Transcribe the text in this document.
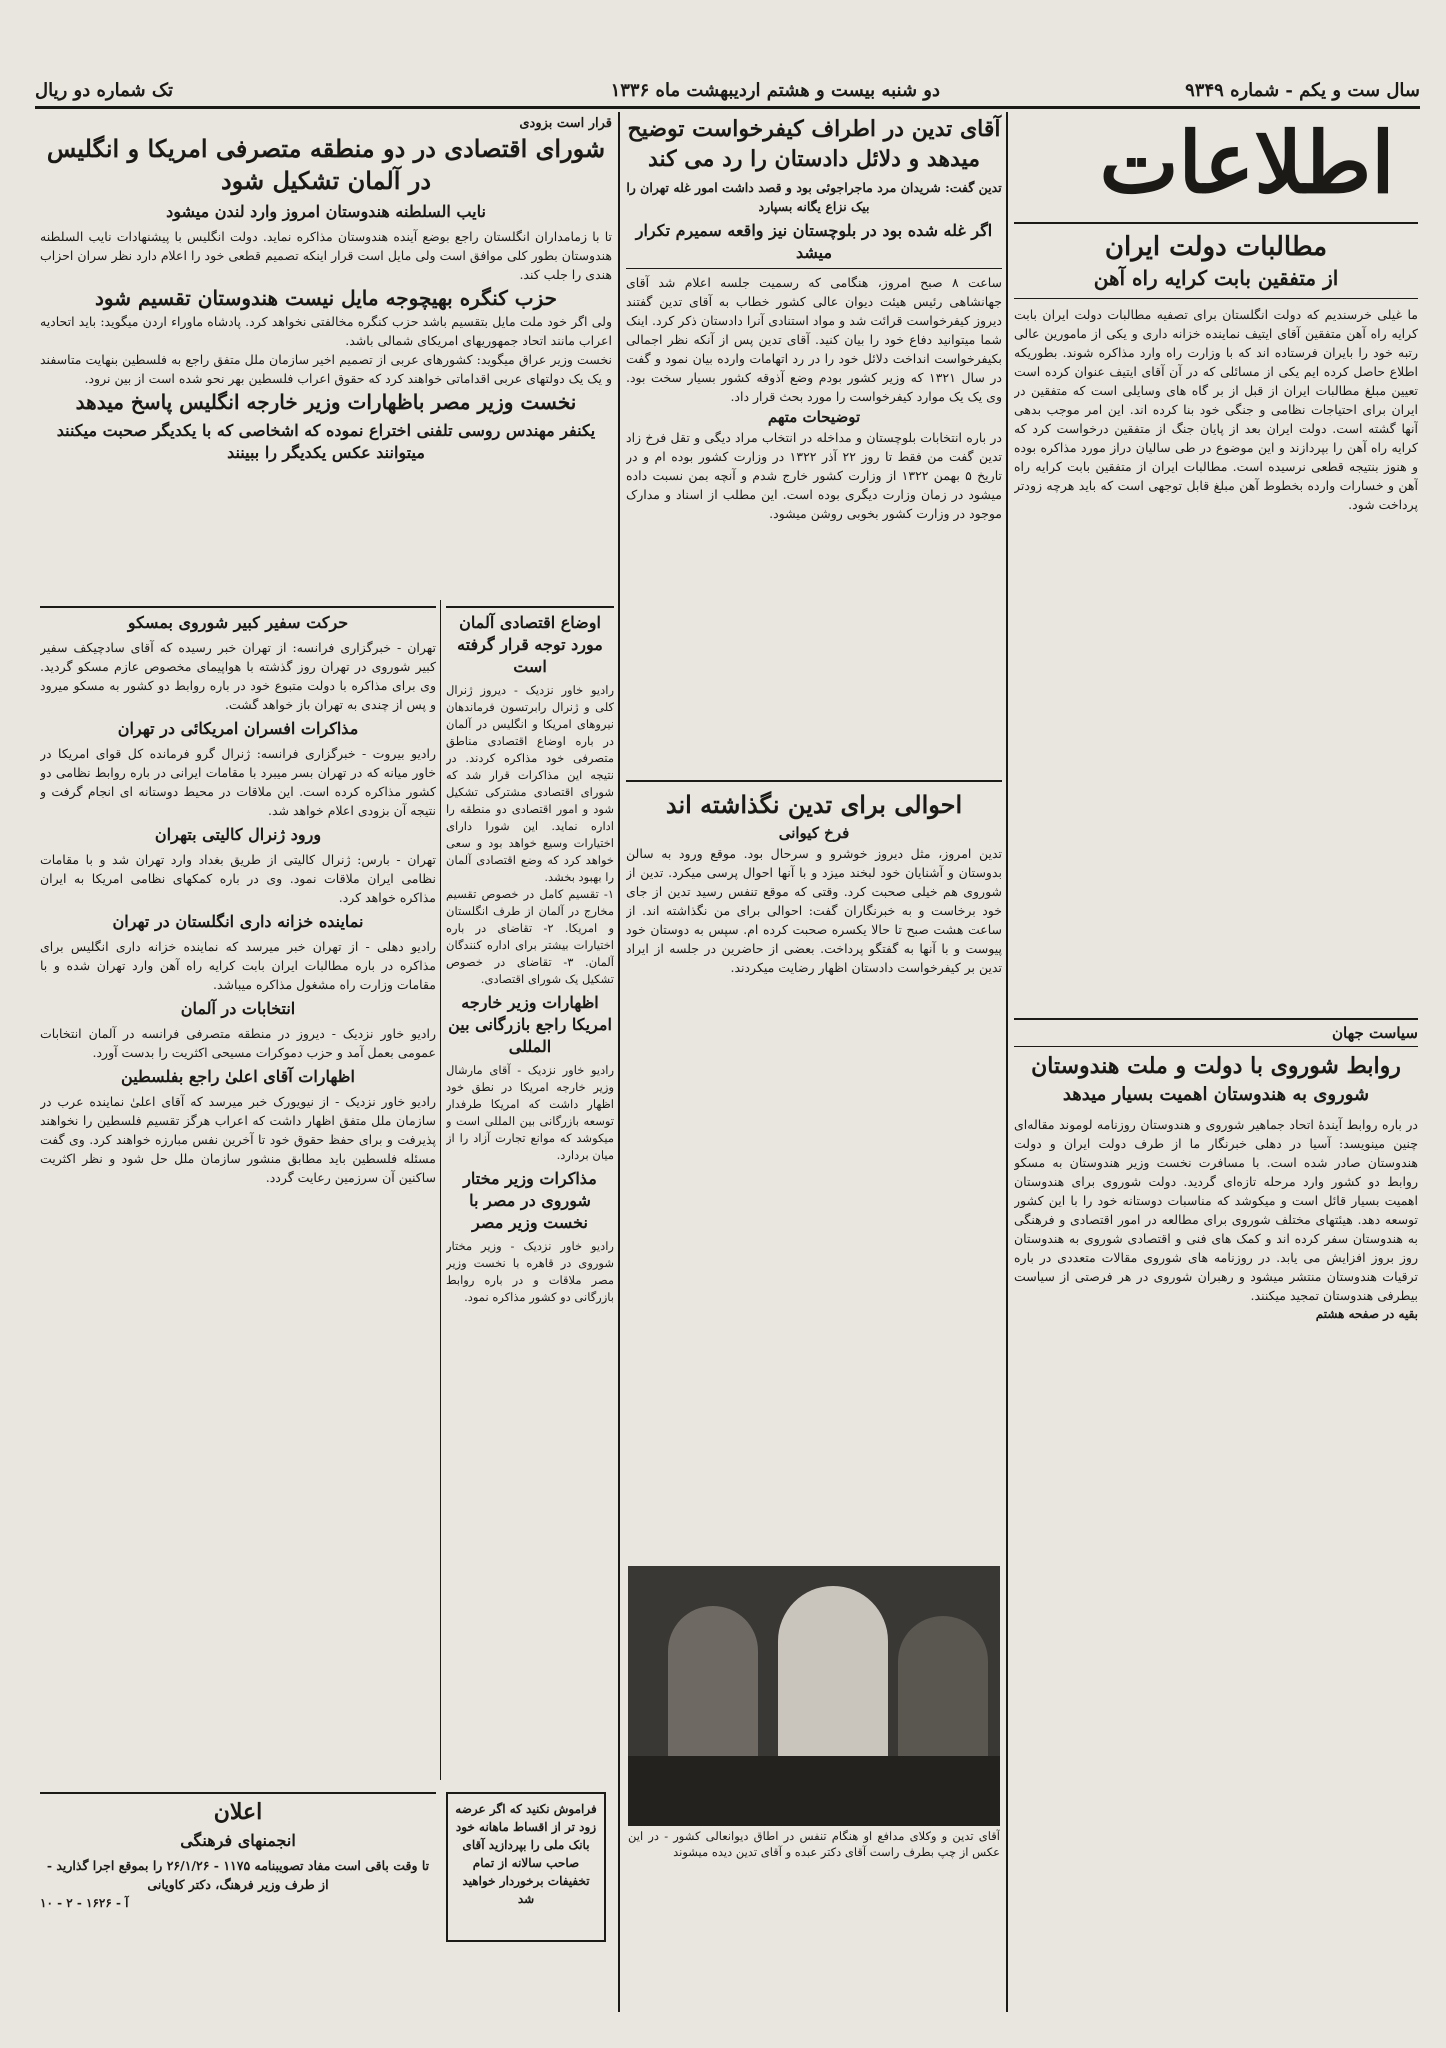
سال ست و یکم - شماره ۹۳۴۹
دو شنبه بیست و هشتم اردیبهشت ماه ۱۳۳۶
تک شماره دو ریال
اطلاعات

مطالبات دولت ایران

از متفقین بابت کرایه راه آهن

ما غیلی خرسندیم که دولت انگلستان برای تصفیه مطالبات دولت ایران بابت کرایه راه آهن متفقین آقای ایتیف نماینده خزانه داری و یکی از مامورین عالی رتبه خود را بایران فرستاده اند که با وزارت راه وارد مذاکره شوند. بطوریکه اطلاع حاصل کرده ایم یکی از مسائلی که در آن آقای ایتیف عنوان کرده است تعیین مبلغ مطالبات ایران از قبل از بر گاه های وسایلی است که متفقین در ایران برای احتیاجات نظامی و جنگی خود بنا کرده اند. این امر موجب بدهی آنها گشته است. دولت ایران بعد از پایان جنگ از متفقین درخواست کرد که کرایه راه آهن را بپردازند و این موضوع در طی سالیان دراز مورد مذاکره بوده و هنوز بنتیجه قطعی نرسیده است. مطالبات ایران از متفقین بابت کرایه راه آهن و خسارات وارده بخطوط آهن مبلغ قابل توجهی است که باید هرچه زودتر پرداخت شود.

سیاست جهان

روابط شوروی با دولت و ملت هندوستان

شوروی به هندوستان اهمیت بسیار میدهد

در باره روابط آیندۀ اتحاد جماهیر شوروی و هندوستان روزنامه لوموند مقاله‌ای چنین مینویسد: آسیا در دهلی خبرنگار ما از طرف دولت ایران و دولت هندوستان صادر شده است. با مسافرت نخست وزیر هندوستان به مسکو روابط دو کشور وارد مرحله تازه‌ای گردید. دولت شوروی برای هندوستان اهمیت بسیار قائل است و میکوشد که مناسبات دوستانه خود را با این کشور توسعه دهد. هیئتهای مختلف شوروی برای مطالعه در امور اقتصادی و فرهنگی به هندوستان سفر کرده اند و کمک های فنی و اقتصادی شوروی به هندوستان روز بروز افزایش می یابد. در روزنامه های شوروی مقالات متعددی در باره ترقیات هندوستان منتشر میشود و رهبران شوروی در هر فرصتی از سیاست بیطرفی هندوستان تمجید میکنند.

بقیه در صفحه هشتم

آقای تدین در اطراف کیفرخواست توضیح میدهد و دلائل دادستان را رد می کند

تدین گفت: شریدان مرد ماجراجوئی بود و قصد داشت امور غله تهران را بیک نزاع یگانه بسپارد

اگر غله شده بود در بلوچستان نیز واقعه سمیرم تکرار میشد

ساعت ۸ صبح امروز، هنگامی که رسمیت جلسه اعلام شد آقای جهانشاهی رئیس هیئت دیوان عالی کشور خطاب به آقای تدین گفتند دیروز کیفرخواست قرائت شد و مواد استنادی آنرا دادستان ذکر کرد. اینک شما میتوانید دفاع خود را بیان کنید. آقای تدین پس از آنکه نظر اجمالی بکیفرخواست انداخت دلائل خود را در رد اتهامات وارده بیان نمود و گفت در سال ۱۳۲۱ که وزیر کشور بودم وضع آذوقه کشور بسیار سخت بود. وی یک یک موارد کیفرخواست را مورد بحث قرار داد.

توضیحات متهم

در باره انتخابات بلوچستان و مداخله در انتخاب مراد دیگی و تقل فرخ زاد تدین گفت من فقط تا روز ۲۲ آذر ۱۳۲۲ در وزارت کشور بوده ام و در تاریخ ۵ بهمن ۱۳۲۲ از وزارت کشور خارج شدم و آنچه بمن نسبت داده میشود در زمان وزارت دیگری بوده است. این مطلب از اسناد و مدارک موجود در وزارت کشور بخوبی روشن میشود.

احوالی برای تدین نگذاشته اند

فرخ کیوانی

تدین امروز، مثل دیروز خوشرو و سرحال بود. موقع ورود به سالن بدوستان و آشنایان خود لبخند میزد و با آنها احوال پرسی میکرد. تدین از شوروی هم خیلی صحبت کرد. وقتی که موقع تنفس رسید تدین از جای خود برخاست و به خبرنگاران گفت: احوالی برای من نگذاشته اند. از ساعت هشت صبح تا حالا یکسره صحبت کرده ام. سپس به دوستان خود پیوست و با آنها به گفتگو پرداخت. بعضی از حاضرین در جلسه از ایراد تدین بر کیفرخواست دادستان اظهار رضایت میکردند.

آقای تدین و وکلای مدافع او هنگام تنفس در اطاق دیوانعالی کشور - در این عکس از چپ بطرف راست آقای دکتر عبده و آقای تدین دیده میشوند

قرار است بزودی

شورای اقتصادی در دو منطقه متصرفی امریکا و انگلیس در آلمان تشکیل شود

نایب السلطنه هندوستان امروز وارد لندن میشود

تا با زمامداران انگلستان راجع بوضع آینده هندوستان مذاکره نماید. دولت انگلیس با پیشنهادات نایب السلطنه هندوستان بطور کلی موافق است ولی مایل است قرار اینکه تصمیم قطعی خود را اعلام دارد نظر سران احزاب هندی را جلب کند.

حزب کنگره بهیچوجه مایل نیست هندوستان تقسیم شود

ولی اگر خود ملت مایل بتقسیم باشد حزب کنگره مخالفتی نخواهد کرد. پادشاه ماوراء اردن میگوید: باید اتحادیه اعراب مانند اتحاد جمهوریهای امریکای شمالی باشد.

نخست وزیر عراق میگوید: کشورهای عربی از تصمیم اخیر سازمان ملل متفق راجع به فلسطین بنهایت متاسفند و یک یک دولتهای عربی اقداماتی خواهند کرد که حقوق اعراب فلسطین بهر نحو شده است از بین نرود.

نخست وزیر مصر باظهارات وزیر خارجه انگلیس پاسخ میدهد

یکنفر مهندس روسی تلفنی اختراع نموده که اشخاصی که با یکدیگر صحبت میکنند میتوانند عکس یکدیگر را ببینند

حرکت سفیر کبیر شوروی بمسکو

تهران - خبرگزاری فرانسه: از تهران خبر رسیده که آقای سادچیکف سفیر کبیر شوروی در تهران روز گذشته با هواپیمای مخصوص عازم مسکو گردید. وی برای مذاکره با دولت متبوع خود در باره روابط دو کشور به مسکو میرود و پس از چندی به تهران باز خواهد گشت.

مذاکرات افسران امریکائی در تهران

رادیو بیروت - خبرگزاری فرانسه: ژنرال گرو فرمانده کل قوای امریکا در خاور میانه که در تهران بسر میبرد با مقامات ایرانی در باره روابط نظامی دو کشور مذاکره کرده است. این ملاقات در محیط دوستانه ای انجام گرفت و نتیجه آن بزودی اعلام خواهد شد.

ورود ژنرال کالیتی بتهران

تهران - بارس: ژنرال کالیتی از طریق بغداد وارد تهران شد و با مقامات نظامی ایران ملاقات نمود. وی در باره کمکهای نظامی امریکا به ایران مذاکره خواهد کرد.

نماینده خزانه داری انگلستان در تهران

رادیو دهلی - از تهران خبر میرسد که نماینده خزانه داری انگلیس برای مذاکره در باره مطالبات ایران بابت کرایه راه آهن وارد تهران شده و با مقامات وزارت راه مشغول مذاکره میباشد.

انتخابات در آلمان

رادیو خاور نزدیک - دیروز در منطقه متصرفی فرانسه در آلمان انتخابات عمومی بعمل آمد و حزب دموکرات مسیحی اکثریت را بدست آورد.

اظهارات آقای اعلیٰ راجع بفلسطین

رادیو خاور نزدیک - از نیویورک خبر میرسد که آقای اعلیٰ نماینده عرب در سازمان ملل متفق اظهار داشت که اعراب هرگز تقسیم فلسطین را نخواهند پذیرفت و برای حفظ حقوق خود تا آخرین نفس مبارزه خواهند کرد. وی گفت مسئله فلسطین باید مطابق منشور سازمان ملل حل شود و نظر اکثریت ساکنین آن سرزمین رعایت گردد.

اوضاع اقتصادی آلمان مورد توجه قرار گرفته است

رادیو خاور نزدیک - دیروز ژنرال کلی و ژنرال رابرتسون فرماندهان نیروهای امریکا و انگلیس در آلمان در باره اوضاع اقتصادی مناطق متصرفی خود مذاکره کردند. در نتیجه این مذاکرات قرار شد که شورای اقتصادی مشترکی تشکیل شود و امور اقتصادی دو منطقه را اداره نماید. این شورا دارای اختیارات وسیع خواهد بود و سعی خواهد کرد که وضع اقتصادی آلمان را بهبود بخشد.

۱- تقسیم کامل در خصوص تقسیم مخارج در آلمان از طرف انگلستان و امریکا. ۲- تقاضای در باره اختیارات بیشتر برای اداره کنندگان آلمان. ۳- تقاضای در خصوص تشکیل یک شورای اقتصادی.

اظهارات وزیر خارجه امریکا راجع بازرگانی بین المللی

رادیو خاور نزدیک - آقای مارشال وزیر خارجه امریکا در نطق خود اظهار داشت که امریکا طرفدار توسعه بازرگانی بین المللی است و میکوشد که موانع تجارت آزاد را از میان بردارد.

مذاکرات وزیر مختار شوروی در مصر با نخست وزیر مصر

رادیو خاور نزدیک - وزیر مختار شوروی در قاهره با نخست وزیر مصر ملاقات و در باره روابط بازرگانی دو کشور مذاکره نمود.

فراموش نکنید که اگر عرضه زود تر از اقساط ماهانه خود بانک ملی را بپردازید آقای صاحب سالانه از تمام تخفیفات برخوردار خواهید شد

اعلان

انجمنهای فرهنگی

تا وقت باقی است مفاد تصویبنامه ۱۱۷۵ - ۲۶/۱/۲۶ را بموقع اجرا گذارید - از طرف وزیر فرهنگ، دکتر کاویانی

آ - ۱۶۲۶ - ۲ - ۱۰
